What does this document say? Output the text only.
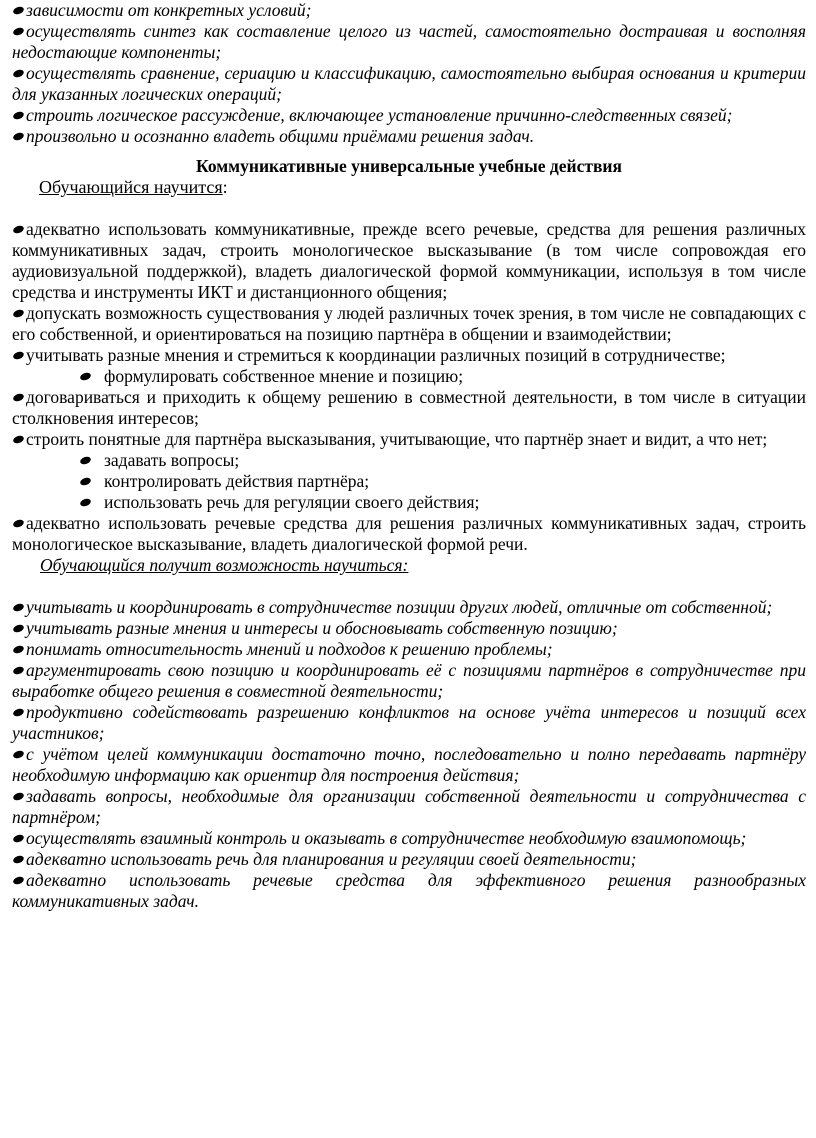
зависимости от конкретных условий;

осуществлять синтез как составление целого из частей, самостоятельно достраивая и восполняя недостающие компоненты;

осуществлять сравнение, сериацию и классификацию, самостоятельно выбирая основания и критерии для указанных логических операций;

строить логическое рассуждение, включающее установление причинно-следственных связей;

произвольно и осознанно владеть общими приёмами решения задач.

Коммуникативные универсальные учебные действия

Обучающийся научится:

адекватно использовать коммуникативные, прежде всего речевые, средства для решения различных коммуникативных задач, строить монологическое высказывание (в том числе сопровождая его аудиовизуальной поддержкой), владеть диалогической формой коммуникации, используя в том числе средства и инструменты ИКТ и дистанционного общения;

допускать возможность существования у людей различных точек зрения, в том числе не совпадающих с его собственной, и ориентироваться на позицию партнёра в общении и взаимодействии;

учитывать разные мнения и стремиться к координации различных позиций в сотрудничестве;

формулировать собственное мнение и позицию;

договариваться и приходить к общему решению в совместной деятельности, в том числе в ситуации столкновения интересов;

строить понятные для партнёра высказывания, учитывающие, что партнёр знает и видит, а что нет;

задавать вопросы;

контролировать действия партнёра;

использовать речь для регуляции своего действия;

адекватно использовать речевые средства для решения различных коммуникативных задач, строить монологическое высказывание, владеть диалогической формой речи.

Обучающийся получит возможность научиться:

учитывать и координировать в сотрудничестве позиции других людей, отличные от собственной;

учитывать разные мнения и интересы и обосновывать собственную позицию;

понимать относительность мнений и подходов к решению проблемы;

аргументировать свою позицию и координировать её с позициями партнёров в сотрудничестве при выработке общего решения в совместной деятельности;

продуктивно содействовать разрешению конфликтов на основе учёта интересов и позиций всех участников;

с учётом целей коммуникации достаточно точно, последовательно и полно передавать партнёру необходимую информацию как ориентир для построения действия;

задавать вопросы, необходимые для организации собственной деятельности и сотрудничества с партнёром;

осуществлять взаимный контроль и оказывать в сотрудничестве необходимую взаимопомощь;

адекватно использовать речь для планирования и регуляции своей деятельности;

адекватно использовать речевые средства для эффективного решения разнообразных коммуникативных задач.
